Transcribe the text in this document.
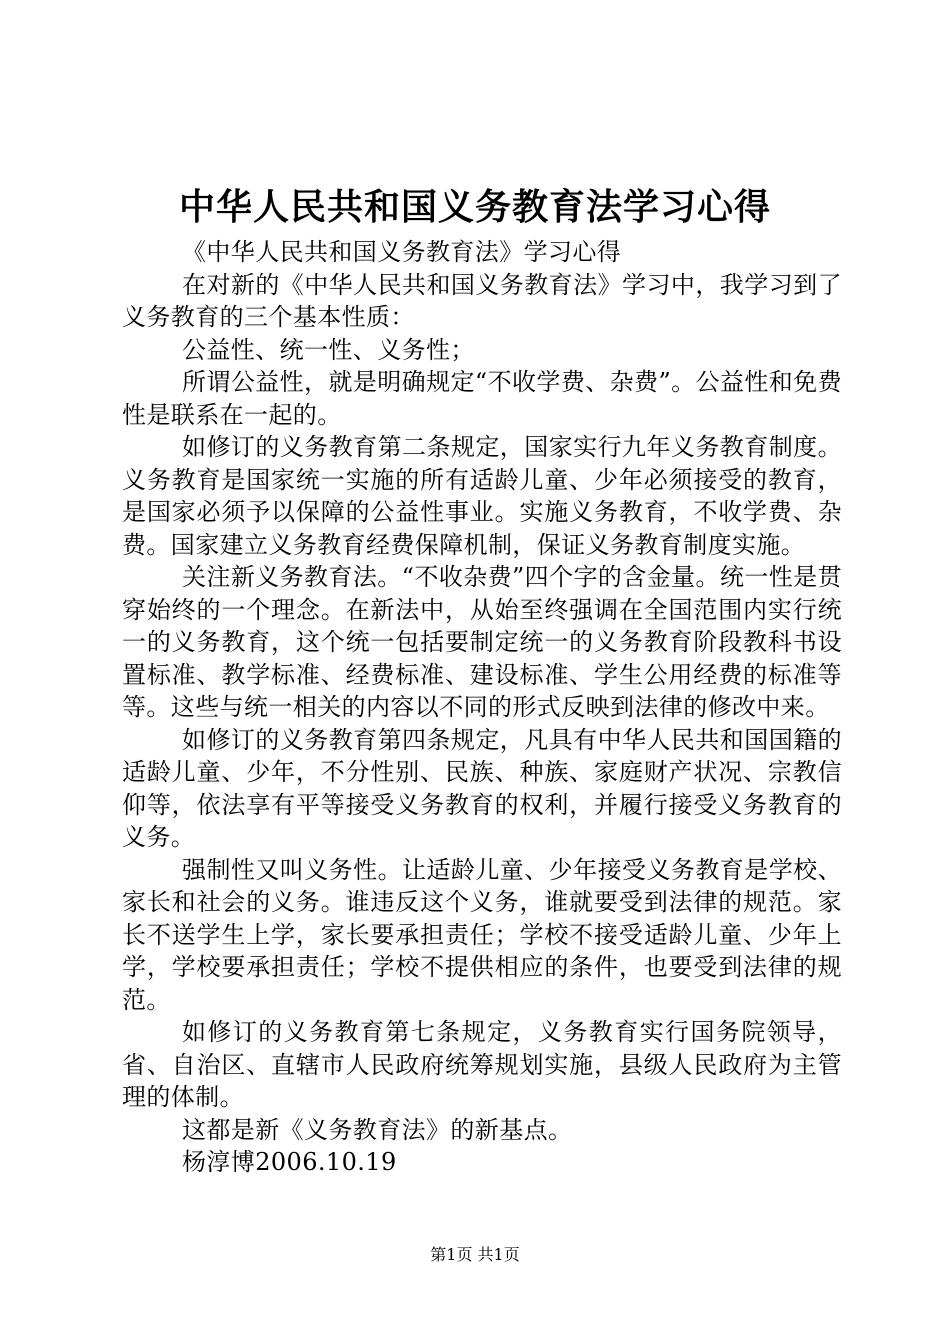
中华人民共和国义务教育法学习心得

《中华人民共和国义务教育法》学习心得

在对新的《中华人民共和国义务教育法》学习中，我学习到了义务教育的三个基本性质：

公益性、统一性、义务性；

所谓公益性，就是明确规定“不收学费、杂费”。公益性和免费性是联系在一起的。

如修订的义务教育第二条规定，国家实行九年义务教育制度。义务教育是国家统一实施的所有适龄儿童、少年必须接受的教育，是国家必须予以保障的公益性事业。实施义务教育，不收学费、杂费。国家建立义务教育经费保障机制，保证义务教育制度实施。

关注新义务教育法。“不收杂费”四个字的含金量。统一性是贯穿始终的一个理念。在新法中，从始至终强调在全国范围内实行统一的义务教育，这个统一包括要制定统一的义务教育阶段教科书设置标准、教学标准、经费标准、建设标准、学生公用经费的标准等等。这些与统一相关的内容以不同的形式反映到法律的修改中来。

如修订的义务教育第四条规定，凡具有中华人民共和国国籍的适龄儿童、少年，不分性别、民族、种族、家庭财产状况、宗教信仰等，依法享有平等接受义务教育的权利，并履行接受义务教育的义务。

强制性又叫义务性。让适龄儿童、少年接受义务教育是学校、家长和社会的义务。谁违反这个义务，谁就要受到法律的规范。家长不送学生上学，家长要承担责任；学校不接受适龄儿童、少年上学，学校要承担责任；学校不提供相应的条件，也要受到法律的规范。

如修订的义务教育第七条规定，义务教育实行国务院领导，省、自治区、直辖市人民政府统筹规划实施，县级人民政府为主管理的体制。

这都是新《义务教育法》的新基点。

杨淳博2006.10.19

第1页 共1页
